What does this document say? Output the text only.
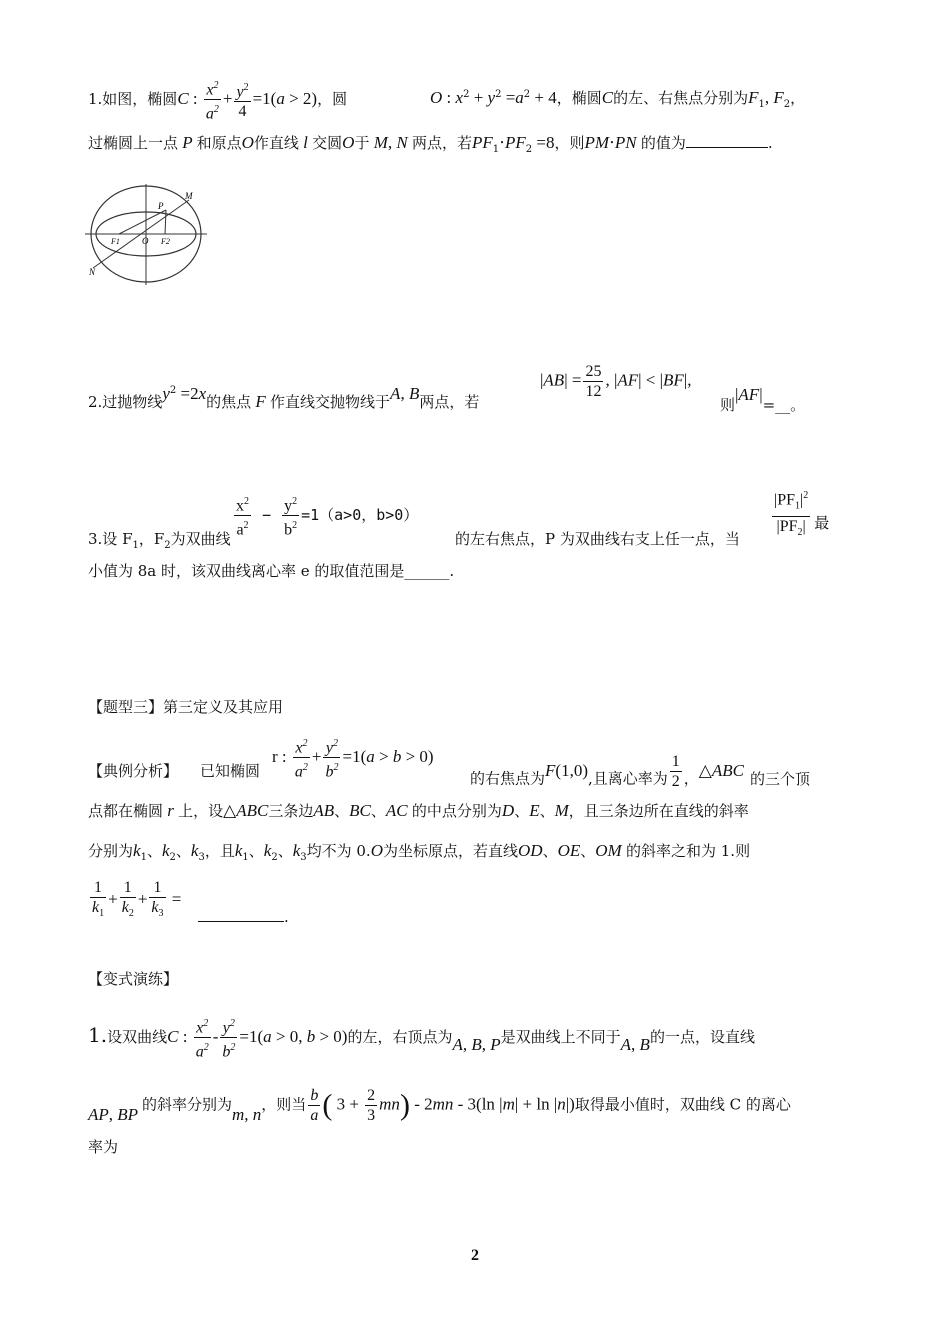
1.如图，椭圆C : $\frac{x^2}{a^2} + \frac{y^2}{4} =1(a > 2)$，圆	O : $x^2 + y^2 =a^2 + 4$，椭圆C的左、右焦点分别为$F_1$, $F_2$，
过椭圆上一点 P 和原点O作直线 l 交圆O于 M, N 两点，若$PF_1\cdot PF_2 =8$，则PM⋅PN 的值为	.
M
N
P
O
F1	F2
2.过抛物线$y^2 =2x$的焦点 F 作直线交抛物线于A, B两点，若
$|AB| = \frac{25}{12}$ , |AF| < |BF|,
则|AF|=__。
3.设 $F_1$，$F_2$为双曲线 $\frac{x^2}{a^2} - \frac{y^2}{b^2} =1(a>0$，b>0）
的左右焦点，P 为双曲线右支上任一点，当 $\frac{|PF_1|^2}{|PF_2|}$ 最
小值为 8a 时，该双曲线离心率 e 的取值范围是______.
【题型三】第三定义及其应用
【典例分析】 已知椭圆
r : $\frac{x^2}{a^2} + \frac{y^2}{b^2} =1(a > b > 0)$
的右焦点为F(1,0),且离心率为 $\frac{1}{2}$ ，△ABC 的三个顶
点都在椭圆 r 上，设△ABC三条边AB、BC、AC 的中点分别为D、E、M，且三条边所在直线的斜率
分别为$k_1$、$k_2$、$k_3$，且$k_1$、$k_2$、$k_3$均不为 0.O为坐标原点，若直线OD、OE、OM 的斜率之和为 1.则
$\frac{1}{k_1} + \frac{1}{k_2} + \frac{1}{k_3}$ =
.
【变式演练】
1.设双曲线C : $\frac{x^2}{a^2} - \frac{y^2}{b^2} =1(a > 0$, b > 0)的左，右顶点为A, B, P是双曲线上不同于A, B的一点，设直线
AP, BP 的斜率分别为m, n，则当 $\frac{b}{a}$ ( $3 + \frac{2}{3} mn) - 2mn - 3(\ln$ |m| + ln |n|)取得最小值时，双曲线 C 的离心
率为
2
